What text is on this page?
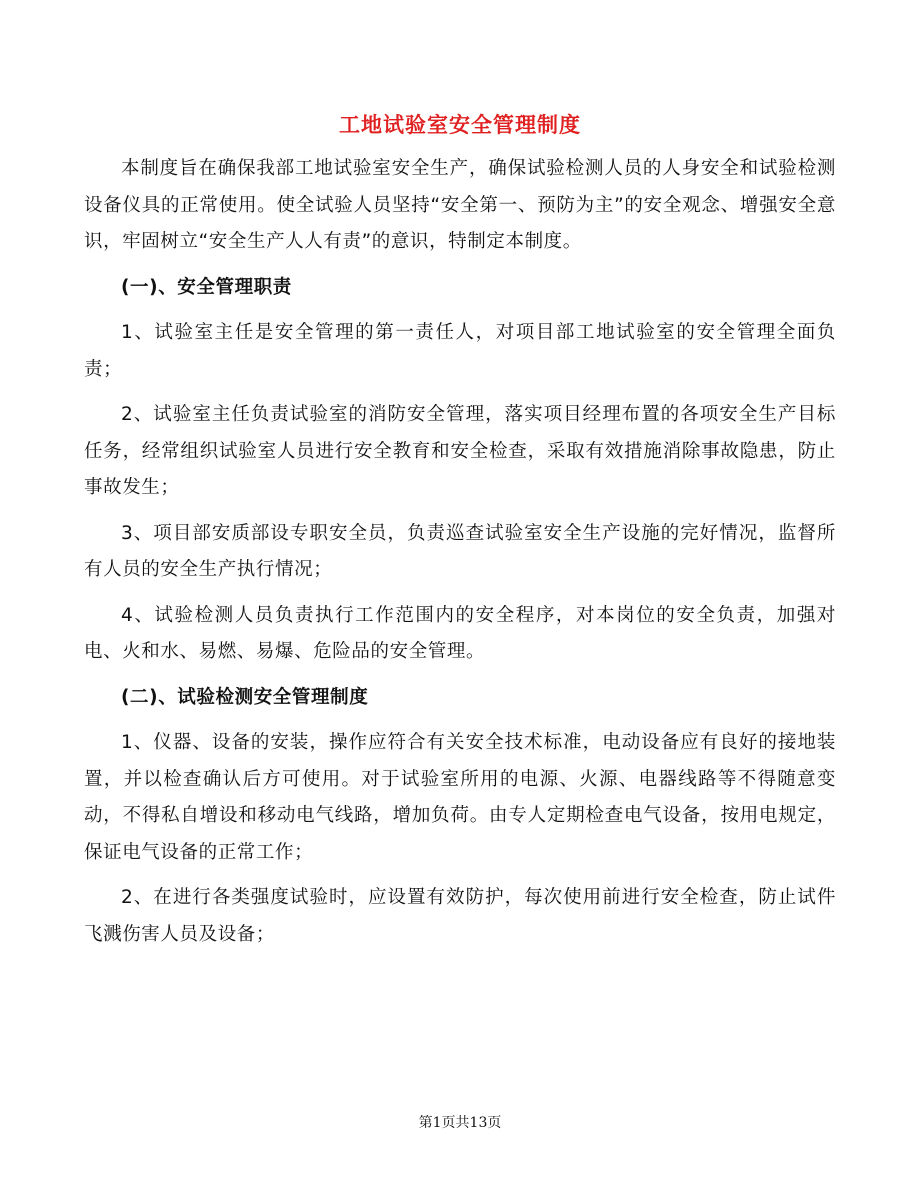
工地试验室安全管理制度

本制度旨在确保我部工地试验室安全生产，确保试验检测人员的人身安全和试验检测设备仪具的正常使用。使全试验人员坚持“安全第一、预防为主”的安全观念、增强安全意识，牢固树立“安全生产人人有责”的意识，特制定本制度。

(一)、安全管理职责

1、试验室主任是安全管理的第一责任人，对项目部工地试验室的安全管理全面负责；

2、试验室主任负责试验室的消防安全管理，落实项目经理布置的各项安全生产目标任务，经常组织试验室人员进行安全教育和安全检查，采取有效措施消除事故隐患，防止事故发生；

3、项目部安质部设专职安全员，负责巡查试验室安全生产设施的完好情况，监督所有人员的安全生产执行情况；

4、试验检测人员负责执行工作范围内的安全程序，对本岗位的安全负责，加强对电、火和水、易燃、易爆、危险品的安全管理。

(二)、试验检测安全管理制度

1、仪器、设备的安装，操作应符合有关安全技术标准，电动设备应有良好的接地装置，并以检查确认后方可使用。对于试验室所用的电源、火源、电器线路等不得随意变动，不得私自增设和移动电气线路，增加负荷。由专人定期检查电气设备，按用电规定，保证电气设备的正常工作；

2、在进行各类强度试验时，应设置有效防护，每次使用前进行安全检查，防止试件飞溅伤害人员及设备；

第1页共13页
